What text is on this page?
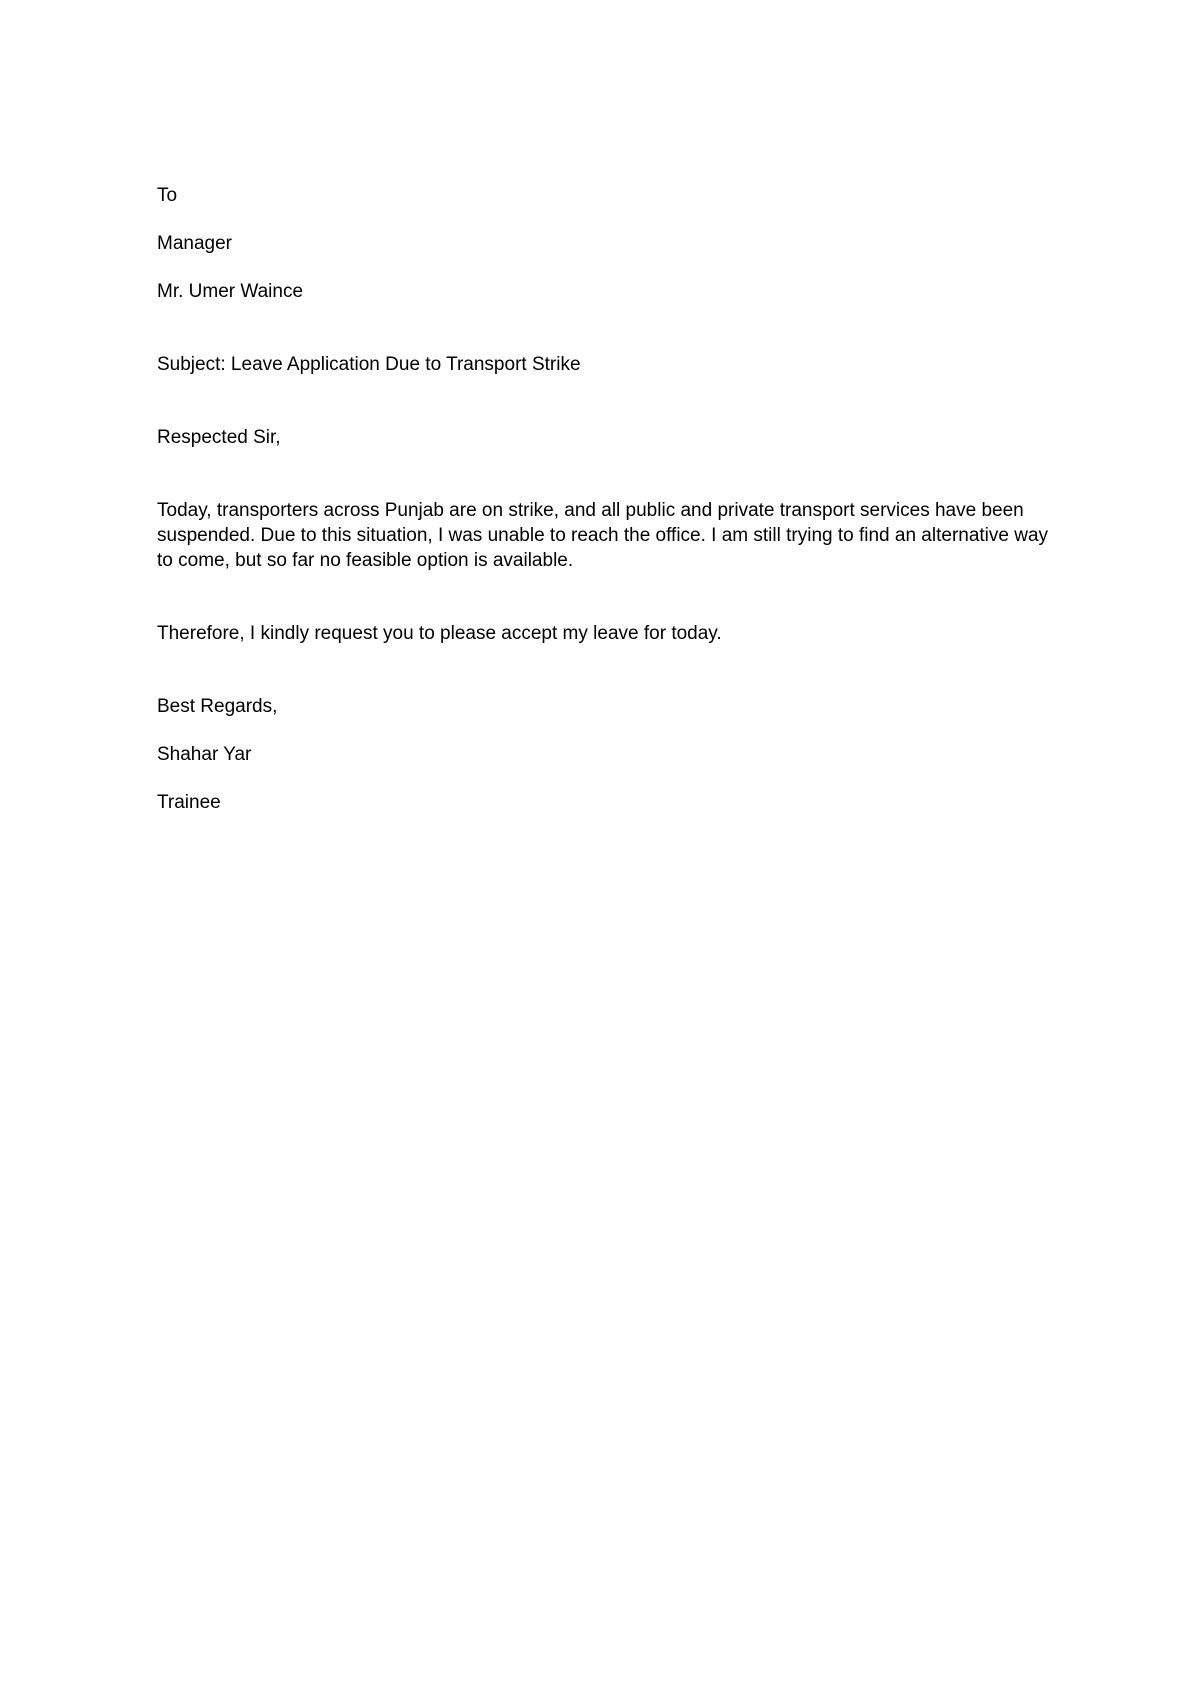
To

Manager

Mr. Umer Waince

Subject: Leave Application Due to Transport Strike

Respected Sir,

Today, transporters across Punjab are on strike, and all public and private transport services have been suspended. Due to this situation, I was unable to reach the office. I am still trying to find an alternative way to come, but so far no feasible option is available.

Therefore, I kindly request you to please accept my leave for today.

Best Regards,

Shahar Yar

Trainee
